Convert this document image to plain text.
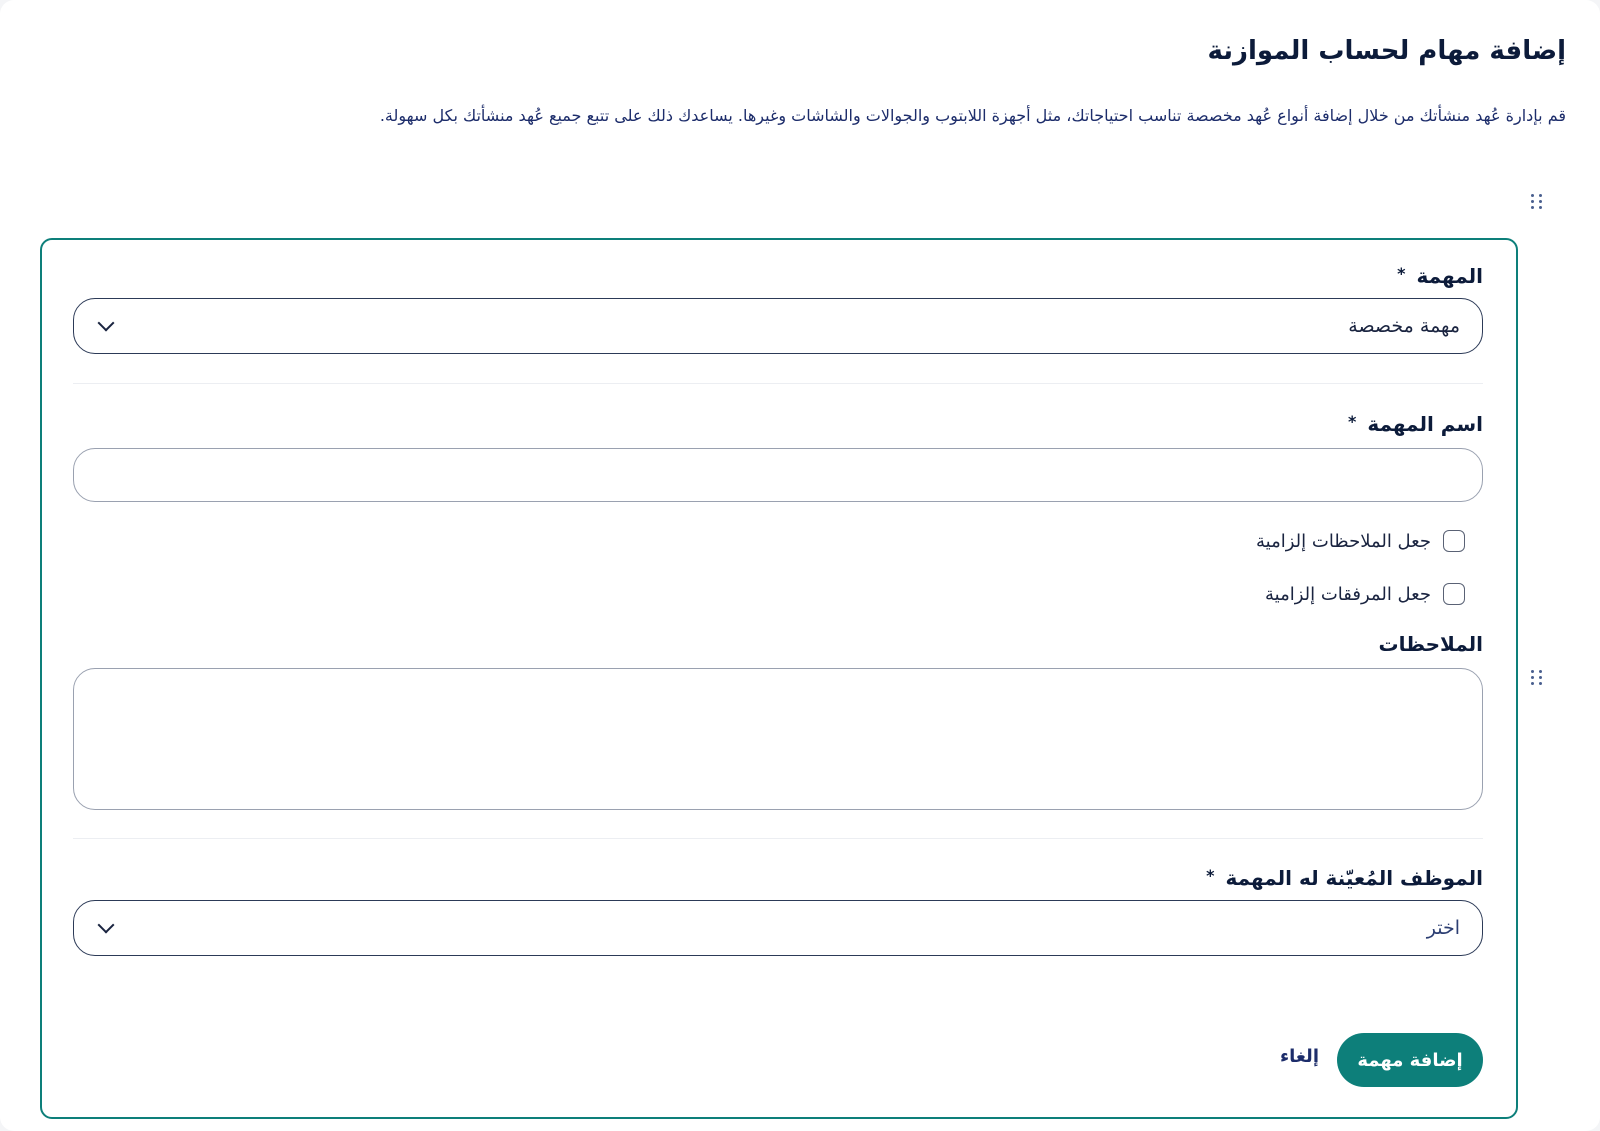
إضافة مهام لحساب الموازنة

قم بإدارة عُهد منشأتك من خلال إضافة أنواع عُهد مخصصة تناسب احتياجاتك، مثل أجهزة اللابتوب والجوالات والشاشات وغيرها. يساعدك ذلك على تتبع جميع عُهد منشأتك بكل سهولة.

المهمة *
مهمة مخصصة
اسم المهمة *
جعل الملاحظات إلزامية
جعل المرفقات إلزامية
الملاحظات
الموظف المُعيّنة له المهمة *
اختر
إضافة مهمة
إلغاء
